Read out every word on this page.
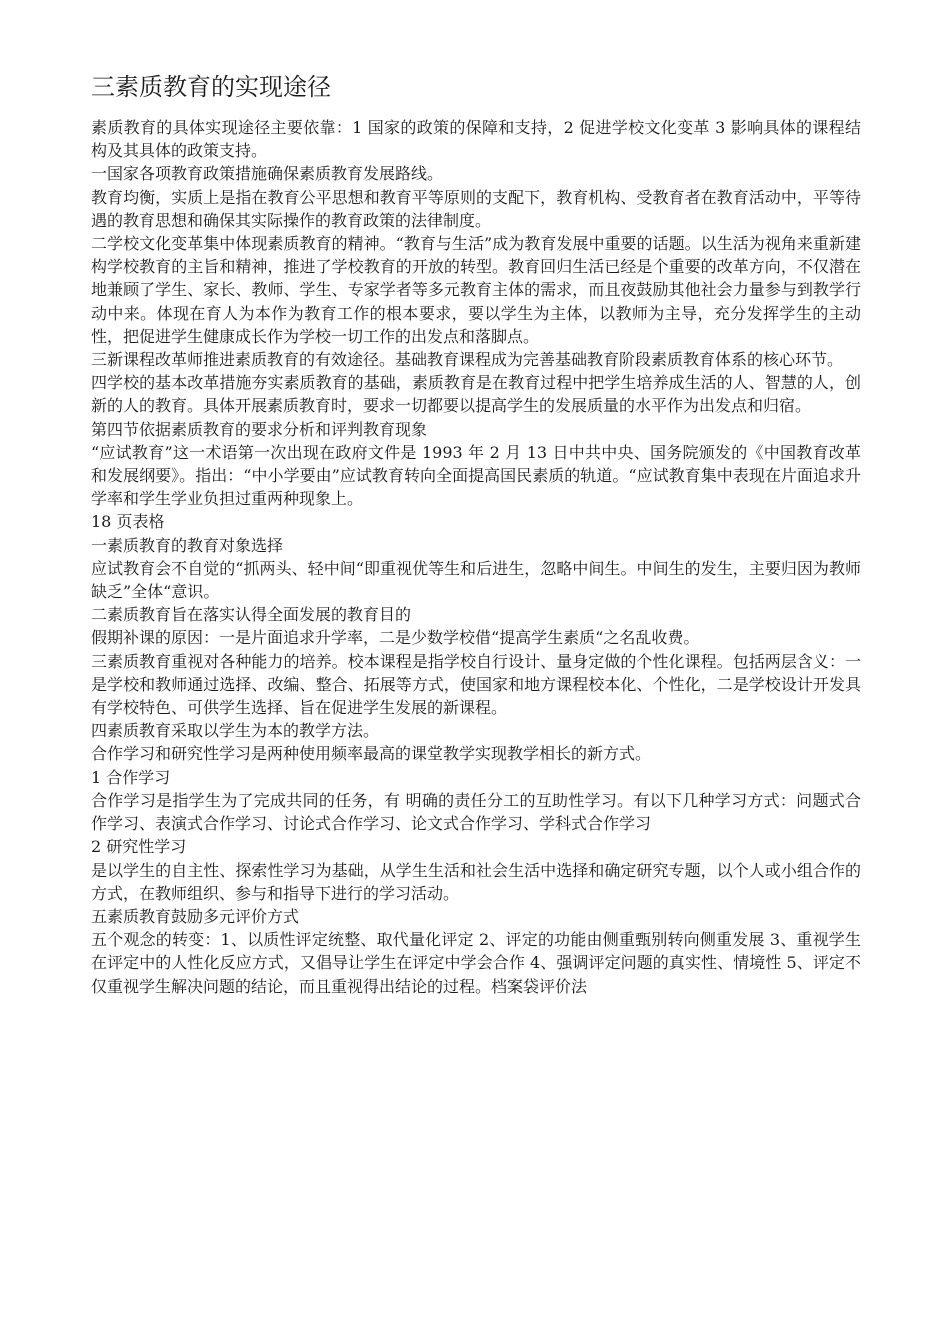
三素质教育的实现途径

素质教育的具体实现途径主要依靠：1 国家的政策的保障和支持，2 促进学校文化变革 3 影响具体的课程结构及其具体的政策支持。

一国家各项教育政策措施确保素质教育发展路线。

教育均衡，实质上是指在教育公平思想和教育平等原则的支配下，教育机构、受教育者在教育活动中，平等待遇的教育思想和确保其实际操作的教育政策的法律制度。

二学校文化变革集中体现素质教育的精神。“教育与生活”成为教育发展中重要的话题。以生活为视角来重新建构学校教育的主旨和精神，推进了学校教育的开放的转型。教育回归生活已经是个重要的改革方向，不仅潜在地兼顾了学生、家长、教师、学生、专家学者等多元教育主体的需求，而且夜鼓励其他社会力量参与到教学行动中来。体现在育人为本作为教育工作的根本要求，要以学生为主体，以教师为主导，充分发挥学生的主动性，把促进学生健康成长作为学校一切工作的出发点和落脚点。

三新课程改革师推进素质教育的有效途径。基础教育课程成为完善基础教育阶段素质教育体系的核心环节。

四学校的基本改革措施夯实素质教育的基础，素质教育是在教育过程中把学生培养成生活的人、智慧的人，创新的人的教育。具体开展素质教育时，要求一切都要以提高学生的发展质量的水平作为出发点和归宿。

第四节依据素质教育的要求分析和评判教育现象

“应试教育”这一术语第一次出现在政府文件是 1993 年 2 月 13 日中共中央、国务院颁发的《中国教育改革和发展纲要》。指出：“中小学要由”应试教育转向全面提高国民素质的轨道。“应试教育集中表现在片面追求升学率和学生学业负担过重两种现象上。

18 页表格

一素质教育的教育对象选择

应试教育会不自觉的“抓两头、轻中间“即重视优等生和后进生，忽略中间生。中间生的发生，主要归因为教师缺乏”全体“意识。

二素质教育旨在落实认得全面发展的教育目的

假期补课的原因：一是片面追求升学率，二是少数学校借“提高学生素质“之名乱收费。

三素质教育重视对各种能力的培养。校本课程是指学校自行设计、量身定做的个性化课程。包括两层含义：一是学校和教师通过选择、改编、整合、拓展等方式，使国家和地方课程校本化、个性化，二是学校设计开发具有学校特色、可供学生选择、旨在促进学生发展的新课程。

四素质教育采取以学生为本的教学方法。

合作学习和研究性学习是两种使用频率最高的课堂教学实现教学相长的新方式。

1 合作学习

合作学习是指学生为了完成共同的任务，有 明确的责任分工的互助性学习。有以下几种学习方式：问题式合作学习、表演式合作学习、讨论式合作学习、论文式合作学习、学科式合作学习

2 研究性学习

是以学生的自主性、探索性学习为基础，从学生生活和社会生活中选择和确定研究专题，以个人或小组合作的方式，在教师组织、参与和指导下进行的学习活动。

五素质教育鼓励多元评价方式

五个观念的转变：1、以质性评定统整、取代量化评定 2、评定的功能由侧重甄别转向侧重发展 3、重视学生在评定中的人性化反应方式，又倡导让学生在评定中学会合作 4、强调评定问题的真实性、情境性 5、评定不仅重视学生解决问题的结论，而且重视得出结论的过程。档案袋评价法
